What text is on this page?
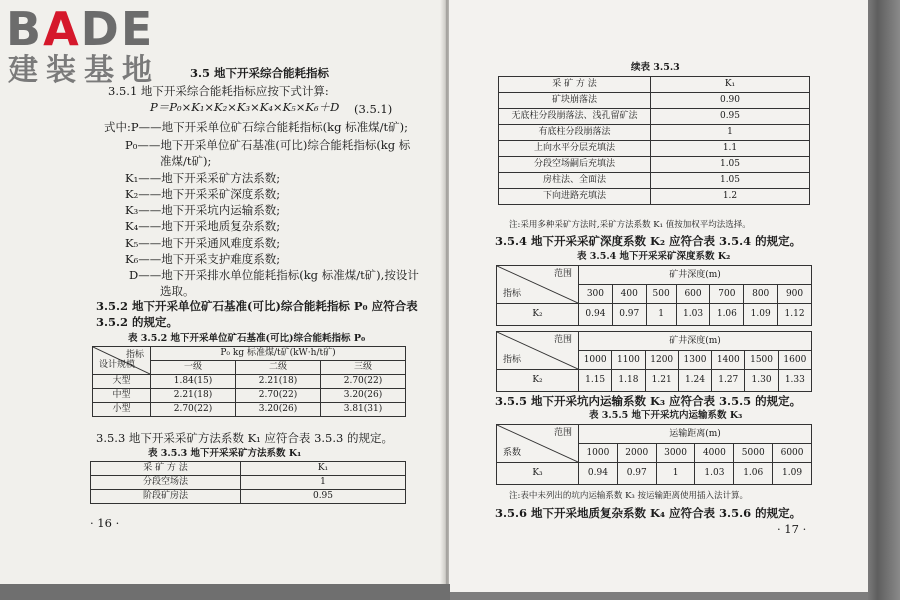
BADE
建装基地	3.5 地下开采综合能耗指标
3.5.1 地下开采综合能耗指标应按下式计算:
P＝P₀×K₁×K₂×K₃×K₄×K₅×K₆＋D (3.5.1)
式中:P——地下开采单位矿石综合能耗指标(kg 标准煤/t矿);
P₀——地下开采单位矿石基准(可比)综合能耗指标(kg 标
准煤/t矿);
K₁——地下开采采矿方法系数;
K₂——地下开采采矿深度系数;
K₃——地下开采坑内运输系数;
K₄——地下开采地质复杂系数;
K₅——地下开采通风难度系数;
K₆——地下开采支护难度系数;
D——地下开采排水单位能耗指标(kg 标准煤/t矿),按设计
选取。
3.5.2 地下开采单位矿石基准(可比)综合能耗指标 P₀ 应符合表
3.5.2 的规定。
表 3.5.2 地下开采单位矿石基准(可比)综合能耗指标 P₀
指标
设计规模	P₀ kg 标准煤/t矿(kW·h/t矿)		
	一级	二级	三级
大型	1.84(15)	2.21(18)	2.70(22)
中型	2.21(18)	2.70(22)	3.20(26)
小型	2.70(22)	3.20(26)	3.81(31)
3.5.3 地下开采采矿方法系数 K₁ 应符合表 3.5.3 的规定。
表 3.5.3 地下开采采矿方法系数 K₁
采 矿 方 法	K₁
分段空场法	1
阶段矿房法	0.95
· 16 ·
续表 3.5.3
采 矿 方 法	K₁
矿块崩落法	0.90
无底柱分段崩落法、浅孔留矿法	0.95
有底柱分段崩落法	1
上向水平分层充填法	1.1
分段空场嗣后充填法	1.05
房柱法、全面法	1.05
下向进路充填法	1.2
注:采用多种采矿方法时,采矿方法系数 K₁ 值按加权平均法选择。
3.5.4 地下开采采矿深度系数 K₂ 应符合表 3.5.4 的规定。
表 3.5.4 地下开采采矿深度系数 K₂
范围
指标	矿井深度(m)						
	300	400	500	600	700	800	900
K₂	0.94	0.97	1	1.03	1.06	1.09	1.12
范围
指标	矿井深度(m)						
	1000	1100	1200	1300	1400	1500	1600
K₂	1.15	1.18	1.21	1.24	1.27	1.30	1.33
3.5.5 地下开采坑内运输系数 K₃ 应符合表 3.5.5 的规定。
表 3.5.5 地下开采坑内运输系数 K₃
范围
系数	运输距离(m)					
	1000	2000	3000	4000	5000	6000
K₃	0.94	0.97	1	1.03	1.06	1.09
注:表中未列出的坑内运输系数 K₃ 按运输距离使用插入法计算。
3.5.6 地下开采地质复杂系数 K₄ 应符合表 3.5.6 的规定。
· 17 ·
